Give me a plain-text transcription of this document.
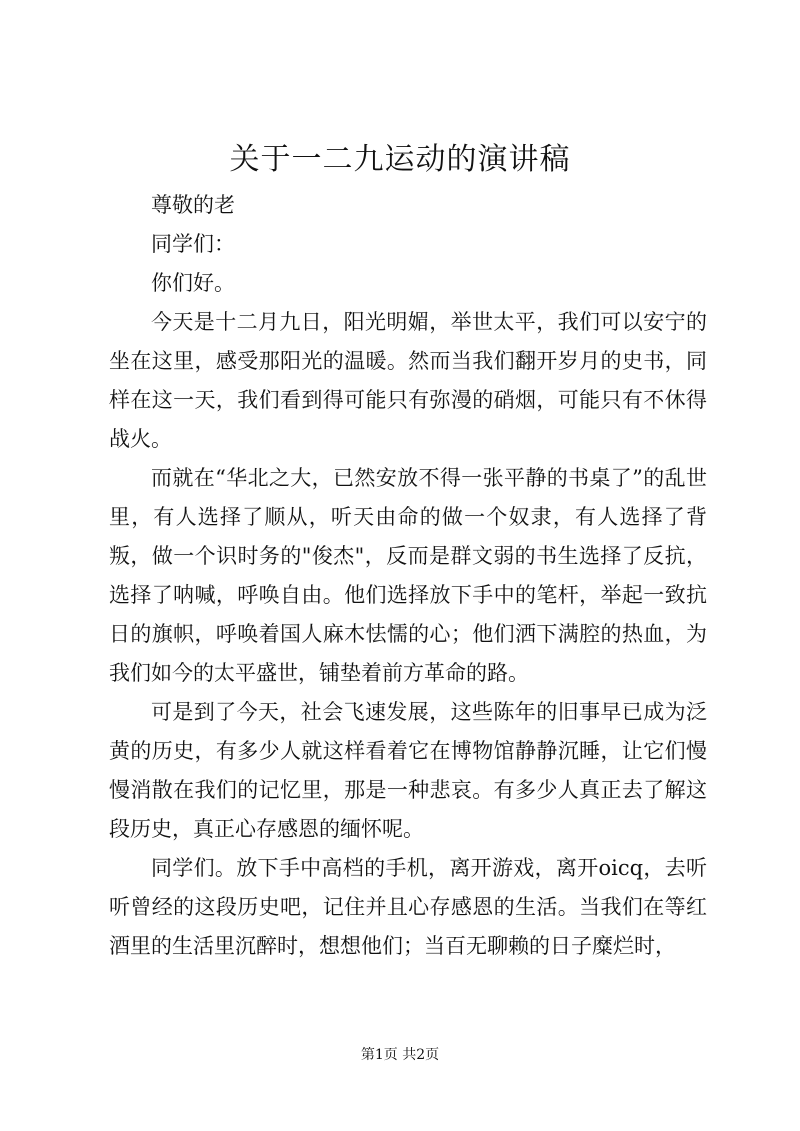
关于一二九运动的演讲稿

尊敬的老

同学们：

你们好。

今天是十二月九日，阳光明媚，举世太平，我们可以安宁的坐在这里，感受那阳光的温暖。然而当我们翻开岁月的史书，同样在这一天，我们看到得可能只有弥漫的硝烟，可能只有不休得战火。

而就在“华北之大，已然安放不得一张平静的书桌了”的乱世里，有人选择了顺从，听天由命的做一个奴隶，有人选择了背叛，做一个识时务的"俊杰"，反而是群文弱的书生选择了反抗，选择了呐喊，呼唤自由。他们选择放下手中的笔杆，举起一致抗日的旗帜，呼唤着国人麻木怯懦的心；他们洒下满腔的热血，为我们如今的太平盛世，铺垫着前方革命的路。

可是到了今天，社会飞速发展，这些陈年的旧事早已成为泛黄的历史，有多少人就这样看着它在博物馆静静沉睡，让它们慢慢消散在我们的记忆里，那是一种悲哀。有多少人真正去了解这段历史，真正心存感恩的缅怀呢。

同学们。放下手中高档的手机，离开游戏，离开oicq，去听听曾经的这段历史吧，记住并且心存感恩的生活。当我们在等红酒里的生活里沉醉时，想想他们；当百无聊赖的日子糜烂时，

第1页 共2页
